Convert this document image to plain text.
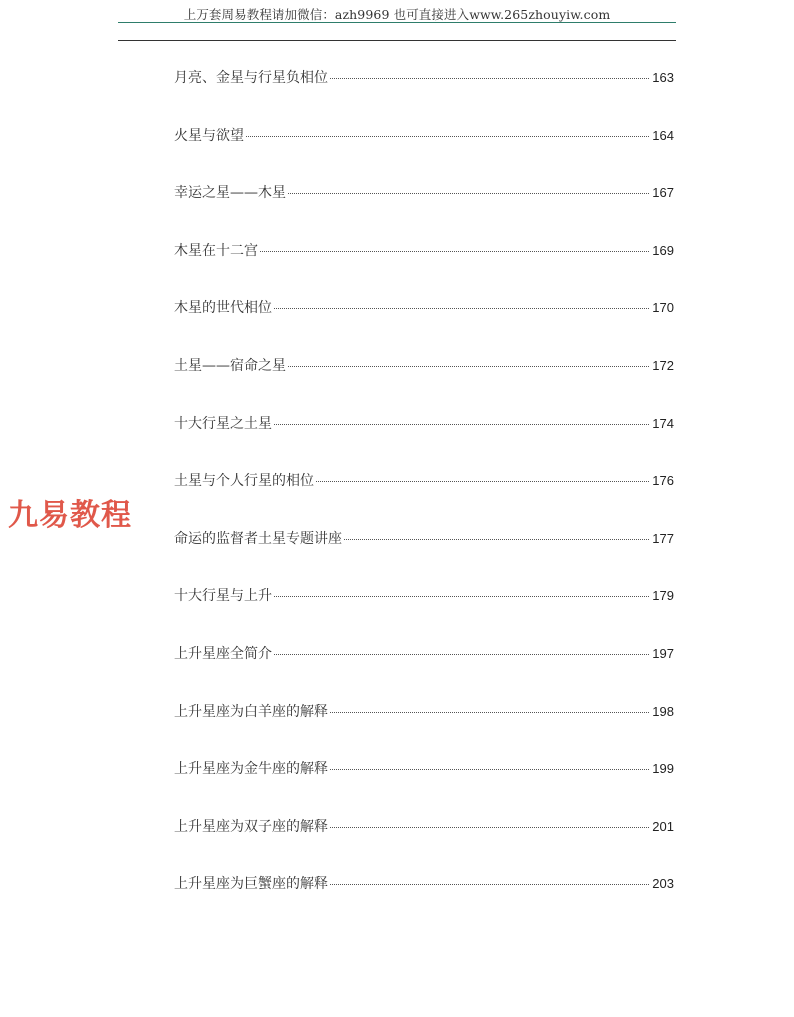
上万套周易教程请加微信：azh9969 也可直接进入www.265zhouyiw.com
九易教程
月亮、金星与行星负相位	163
火星与欲望	164
幸运之星——木星	167
木星在十二宫	169
木星的世代相位	170
土星——宿命之星	172
十大行星之土星	174
土星与个人行星的相位	176
命运的监督者土星专题讲座	177
十大行星与上升	179
上升星座全简介	197
上升星座为白羊座的解释	198
上升星座为金牛座的解释	199
上升星座为双子座的解释	201
上升星座为巨蟹座的解释	203
